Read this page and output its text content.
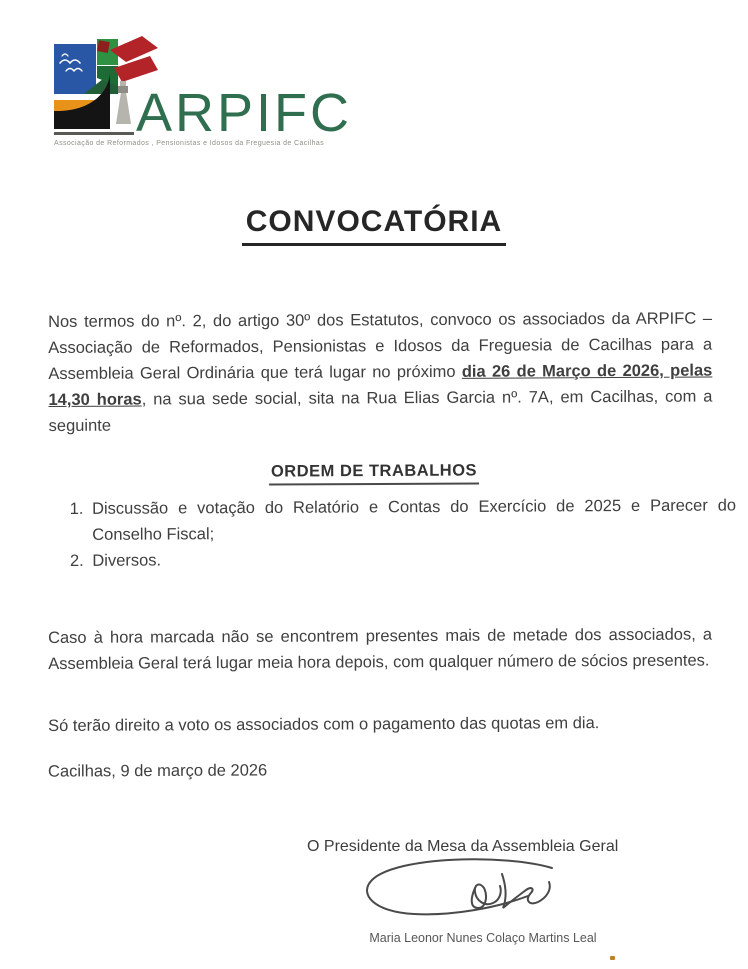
ARPIFC
Associação de Reformados , Pensionistas e Idosos da Freguesia de Cacilhas
CONVOCATÓRIA

Nos termos do nº. 2, do artigo 30º dos Estatutos, convoco os associados da ARPIFC – Associação de Reformados, Pensionistas e Idosos da Freguesia de Cacilhas para a Assembleia Geral Ordinária que terá lugar no próximo dia 26 de Março de 2026, pelas 14,30 horas, na sua sede social, sita na Rua Elias Garcia nº. 7A, em Cacilhas, com a seguinte

ORDEM DE TRABALHOS
1. Discussão e votação do Relatório e Contas do Exercício de 2025 e Parecer do Conselho Fiscal;
2. Diversos.

Caso à hora marcada não se encontrem presentes mais de metade dos associados, a Assembleia Geral terá lugar meia hora depois, com qualquer número de sócios presentes.

Só terão direito a voto os associados com o pagamento das quotas em dia.

Cacilhas, 9 de março de 2026
O Presidente da Mesa da Assembleia Geral
Maria Leonor Nunes Colaço Martins Leal
